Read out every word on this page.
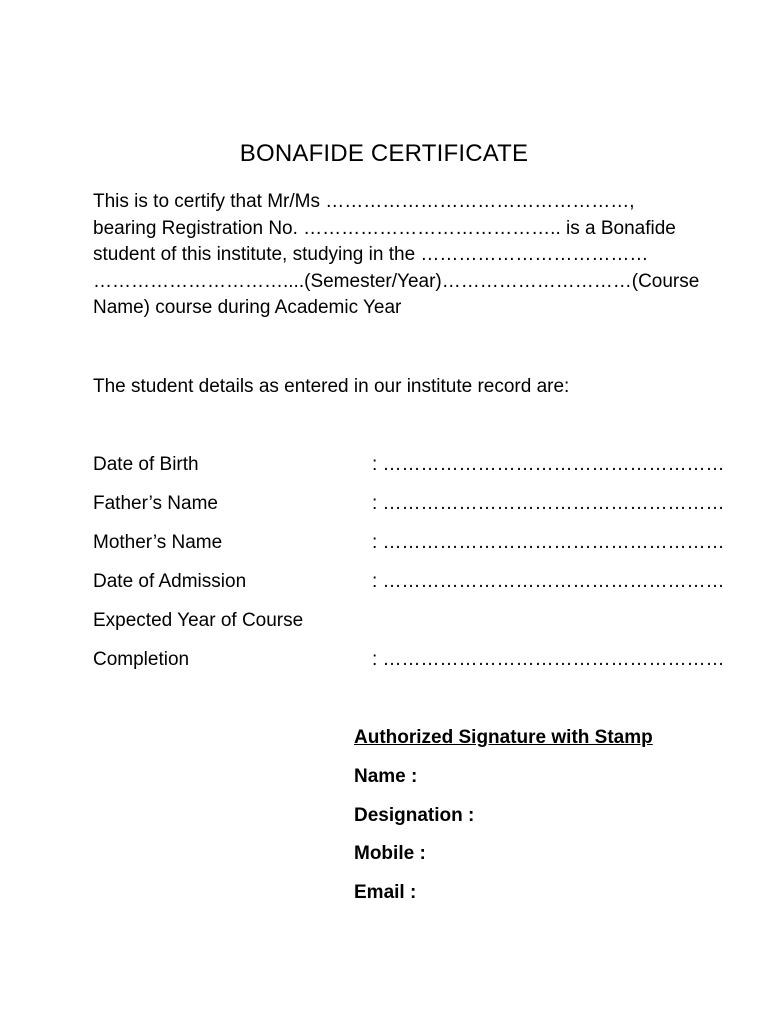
BONAFIDE CERTIFICATE
This is to certify that Mr/Ms …………………………………………,
bearing Registration No. ………………………………….. is a Bonafide
student of this institute, studying in the ………………………………
…………………………....(Semester/Year)…………………………(Course
Name) course during Academic Year
The student details as entered in our institute record are:
Date of Birth	: ………………………………………………
Father’s Name	: ………………………………………………
Mother’s Name	: ………………………………………………
Date of Admission	: ………………………………………………
Expected Year of Course
Completion	: ………………………………………………
Authorized Signature with Stamp
Name :
Designation :
Mobile :
Email :
